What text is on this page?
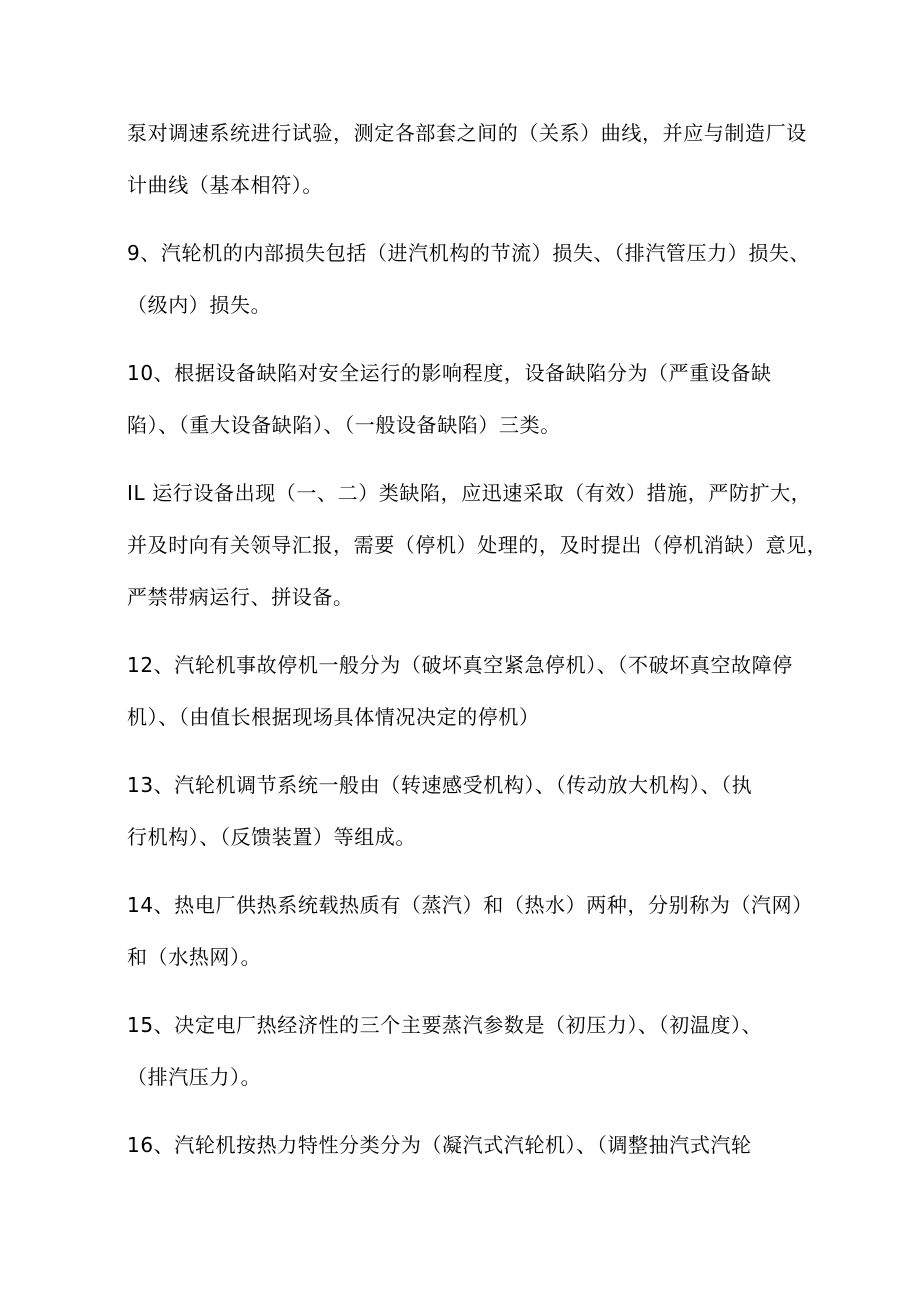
泵对调速系统进行试验，测定各部套之间的（关系）曲线，并应与制造厂设
计曲线（基本相符）。
9、汽轮机的内部损失包括（进汽机构的节流）损失、（排汽管压力）损失、
（级内）损失。
10、根据设备缺陷对安全运行的影响程度，设备缺陷分为（严重设备缺
陷）、（重大设备缺陷）、（一般设备缺陷）三类。
IL 运行设备出现（一、二）类缺陷，应迅速采取（有效）措施，严防扩大，
并及时向有关领导汇报，需要（停机）处理的，及时提出（停机消缺）意见，
严禁带病运行、拼设备。
12、汽轮机事故停机一般分为（破坏真空紧急停机）、（不破坏真空故障停
机）、（由值长根据现场具体情况决定的停机）
13、汽轮机调节系统一般由（转速感受机构）、（传动放大机构）、（执
行机构）、（反馈装置）等组成。
14、热电厂供热系统载热质有（蒸汽）和（热水）两种，分别称为（汽网）
和（水热网）。
15、决定电厂热经济性的三个主要蒸汽参数是（初压力）、（初温度）、
（排汽压力）。
16、汽轮机按热力特性分类分为（凝汽式汽轮机）、（调整抽汽式汽轮
